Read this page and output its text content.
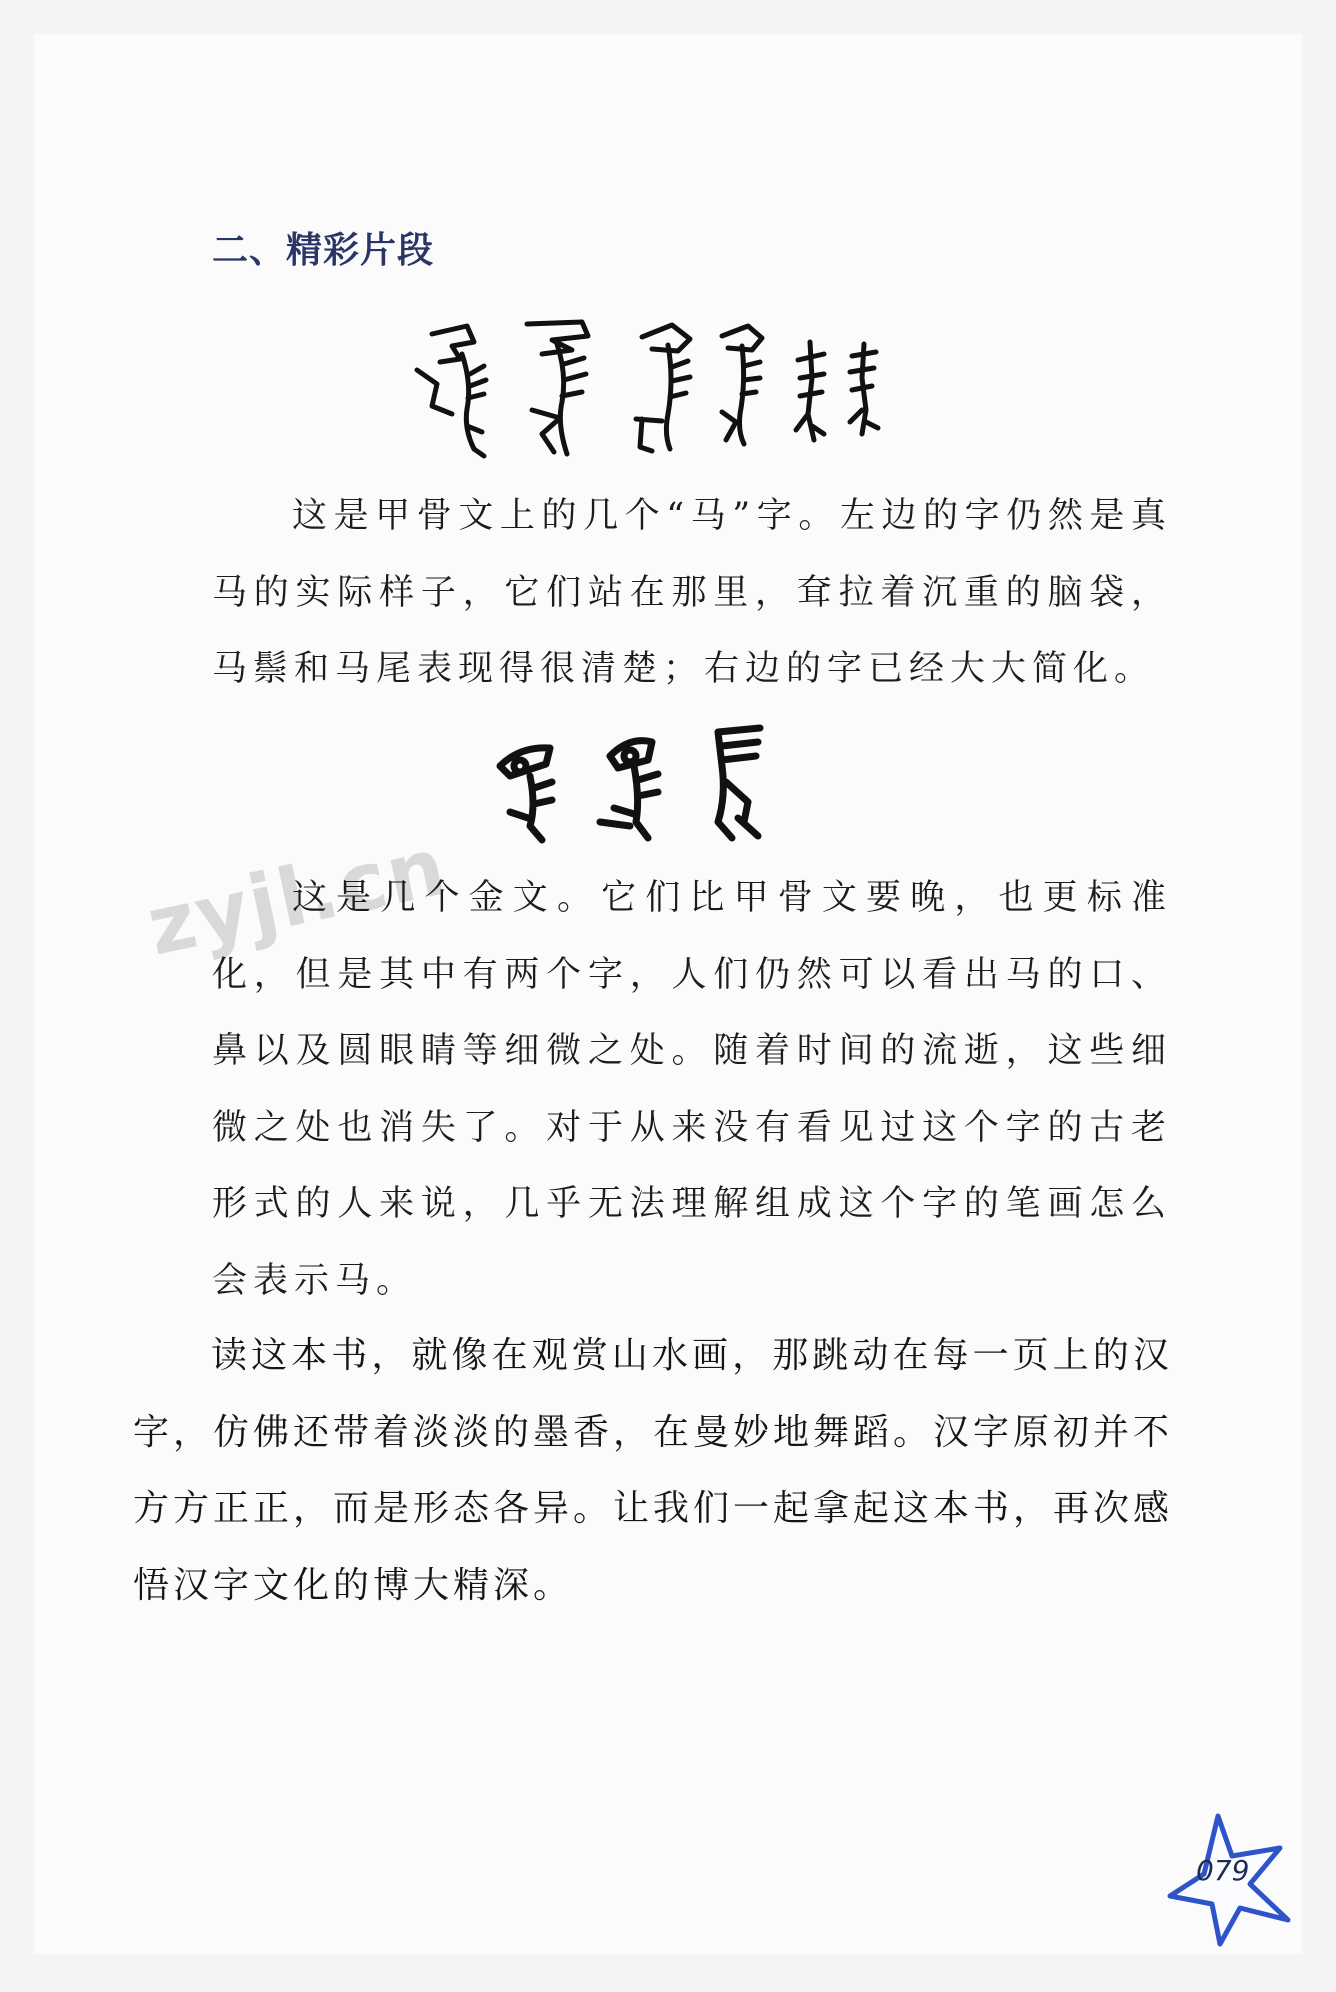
二、精彩片段

这是甲骨文上的几个“马”字。左边的字仍然是真马的实际样子，它们站在那里，耷拉着沉重的脑袋，马鬃和马尾表现得很清楚；右边的字已经大大简化。

zyjl.cn

这是几个金文。它们比甲骨文要晚，也更标准化，但是其中有两个字，人们仍然可以看出马的口、鼻以及圆眼睛等细微之处。随着时间的流逝，这些细微之处也消失了。对于从来没有看见过这个字的古老形式的人来说，几乎无法理解组成这个字的笔画怎么会表示马。

读这本书，就像在观赏山水画，那跳动在每一页上的汉字，仿佛还带着淡淡的墨香，在曼妙地舞蹈。汉字原初并不方方正正，而是形态各异。让我们一起拿起这本书，再次感悟汉字文化的博大精深。

079
